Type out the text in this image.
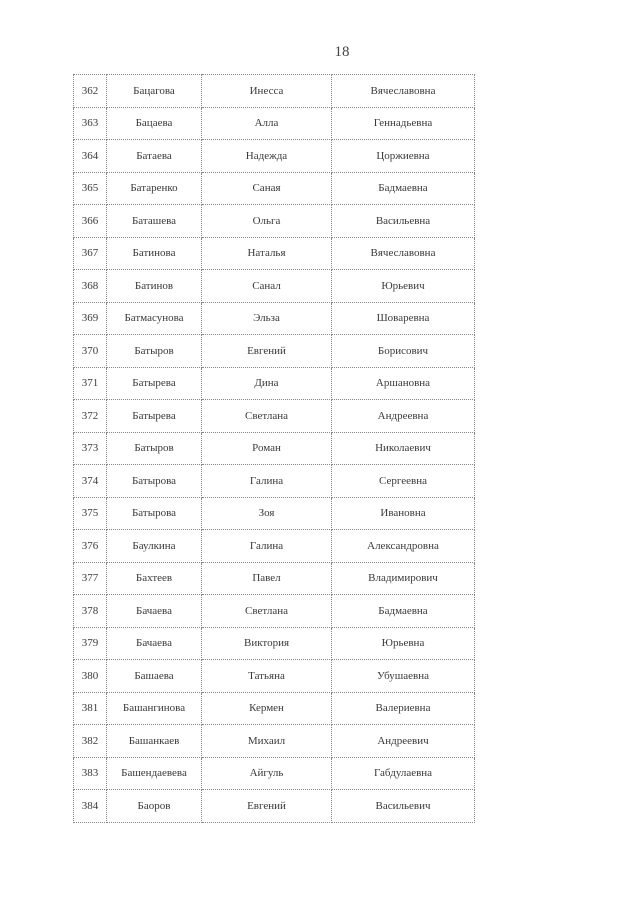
18
362	Бацагова	Инесса	Вячеславовна
363	Бацаева	Алла	Геннадьевна
364	Батаева	Надежда	Цоржиевна
365	Батаренко	Саная	Бадмаевна
366	Баташева	Ольга	Васильевна
367	Батинова	Наталья	Вячеславовна
368	Батинов	Санал	Юрьевич
369	Батмасунова	Эльза	Шоваревна
370	Батыров	Евгений	Борисович
371	Батырева	Дина	Аршановна
372	Батырева	Светлана	Андреевна
373	Батыров	Роман	Николаевич
374	Батырова	Галина	Сергеевна
375	Батырова	Зоя	Ивановна
376	Баулкина	Галина	Александровна
377	Бахтеев	Павел	Владимирович
378	Бачаева	Светлана	Бадмаевна
379	Бачаева	Виктория	Юрьевна
380	Башаева	Татьяна	Убушаевна
381	Башангинова	Кермен	Валериевна
382	Башанкаев	Михаил	Андреевич
383	Башендаевева	Айгуль	Габдулаевна
384	Баоров	Евгений	Васильевич
